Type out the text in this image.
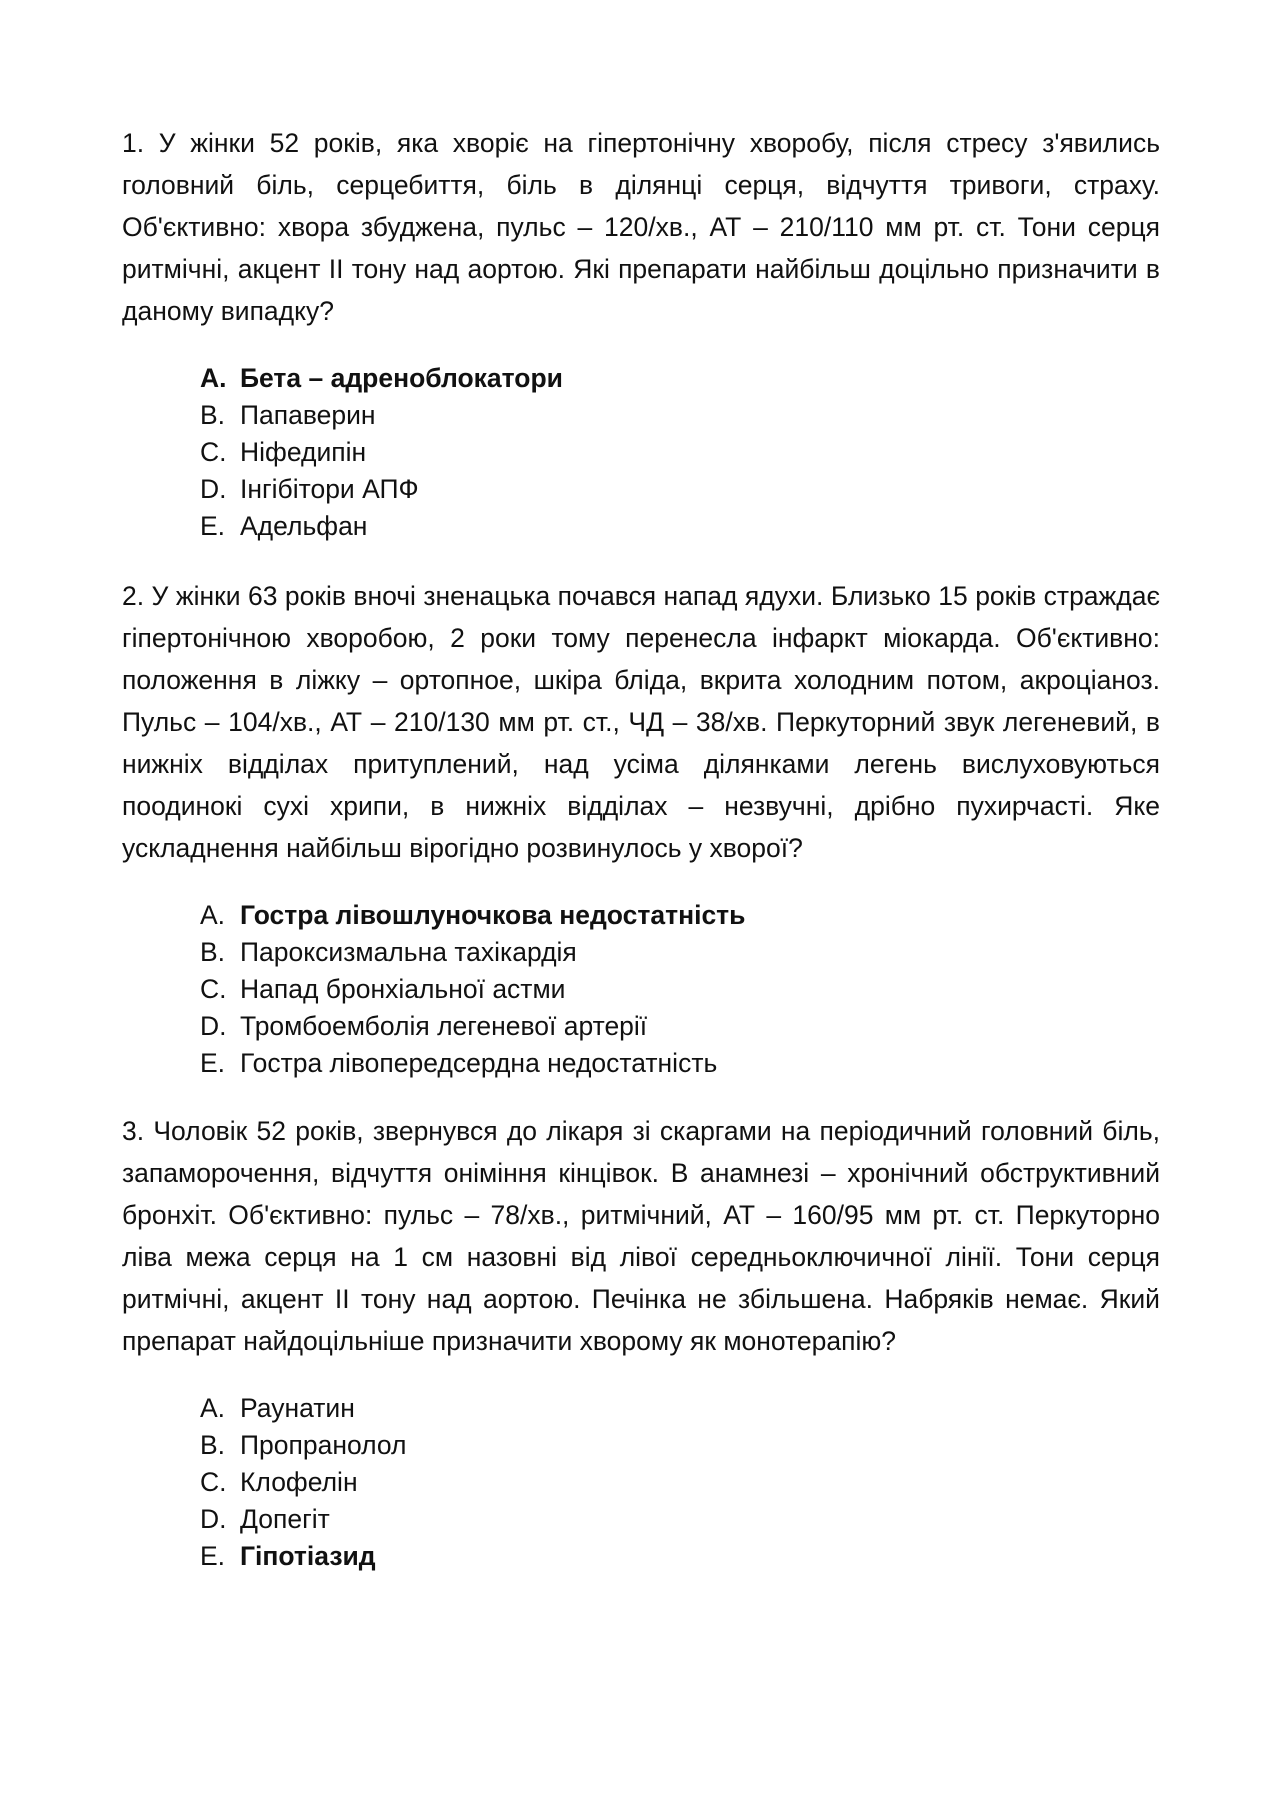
1. У жінки 52 років, яка хворіє на гіпертонічну хворобу, після стресу з'явились головний біль, серцебиття, біль в ділянці серця, відчуття тривоги, страху. Об'єктивно: хвора збуджена, пульс – 120/хв., АТ – 210/110 мм рт. ст. Тони серця ритмічні, акцент ІІ тону над аортою. Які препарати найбільш доцільно призначити в даному випадку?

A. Бета – адреноблокатори
B. Папаверин
C. Ніфедипін
D. Інгібітори АПФ
E. Адельфан

2. У жінки 63 років вночі зненацька почався напад ядухи. Близько 15 років страждає гіпертонічною хворобою, 2 роки тому перенесла інфаркт міокарда. Об'єктивно: положення в ліжку – ортопное, шкіра бліда, вкрита холодним потом, акроціаноз. Пульс – 104/хв., АТ – 210/130 мм рт. ст., ЧД – 38/хв. Перкуторний звук легеневий, в нижніх відділах притуплений, над усіма ділянками легень вислуховуються поодинокі сухі хрипи, в нижніх відділах – незвучні, дрібно пухирчасті. Яке ускладнення найбільш вірогідно розвинулось у хворої?

A. Гостра лівошлуночкова недостатність
B. Пароксизмальна тахікардія
C. Напад бронхіальної астми
D. Тромбоемболія легеневої артерії
E. Гостра лівопередсердна недостатність

3. Чоловік 52 років, звернувся до лікаря зі скаргами на періодичний головний біль, запаморочення, відчуття оніміння кінцівок. В анамнезі – хронічний обструктивний бронхіт. Об'єктивно: пульс – 78/хв., ритмічний, АТ – 160/95 мм рт. ст. Перкуторно ліва межа серця на 1 см назовні від лівої середньоключичної лінії. Тони серця ритмічні, акцент ІІ тону над аортою. Печінка не збільшена. Набряків немає. Який препарат найдоцільніше призначити хворому як монотерапію?

A. Раунатин
B. Пропранолол
C. Клофелін
D. Допегіт
E. Гіпотіазид
